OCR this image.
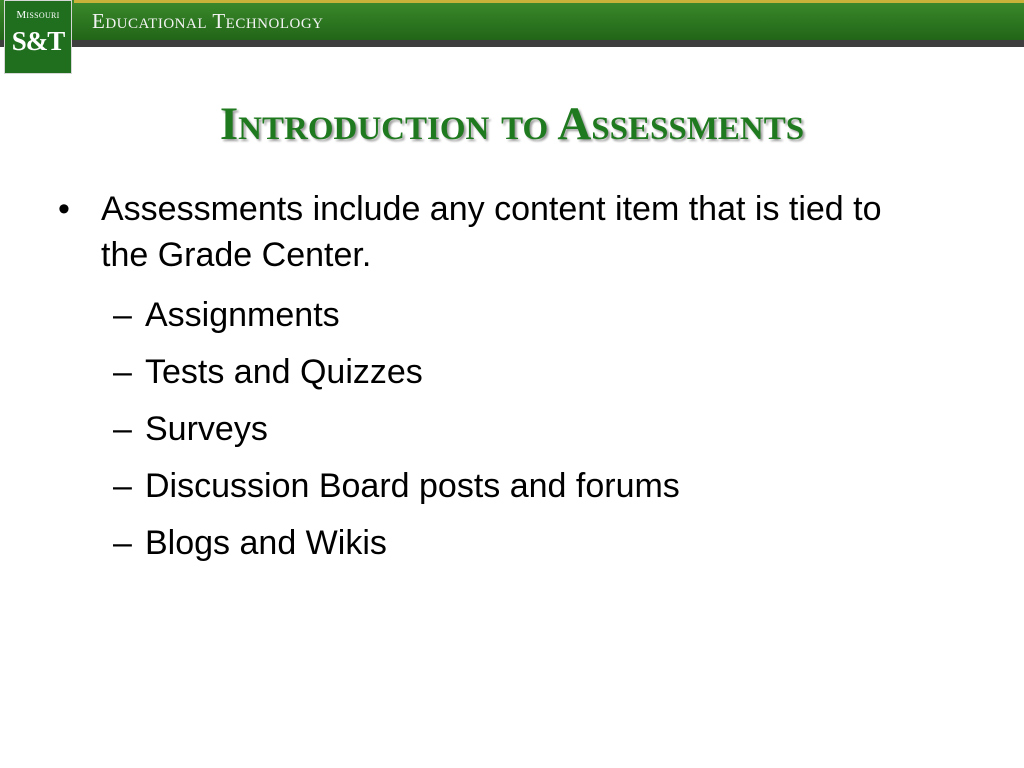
Missouri
S&T
Educational Technology
Introduction to Assessments
• Assessments include any content item that is tied to the Grade Center.
– Assignments
– Tests and Quizzes
– Surveys
– Discussion Board posts and forums
– Blogs and Wikis
